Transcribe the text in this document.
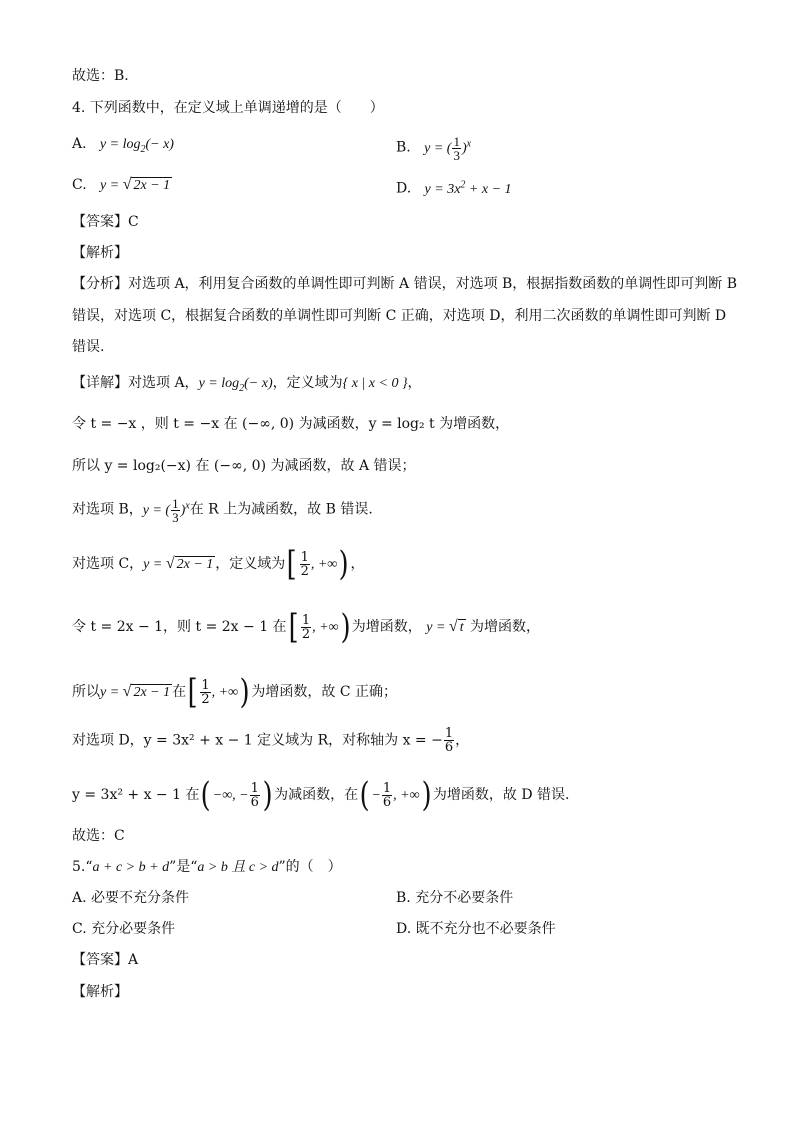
故选：B.
4. 下列函数中，在定义域上单调递增的是（　　）
A. $y = \log_2(- x)$	B. y = ( $\frac{1}{3} )^x$
C. y = √ 2x − 1	D. $y = 3x^2 + x - 1$
【答案】C
【解析】
【分析】对选项 A，利用复合函数的单调性即可判断 A 错误，对选项 B，根据指数函数的单调性即可判断 B
错误，对选项 C，根据复合函数的单调性即可判断 C 正确，对选项 D，利用二次函数的单调性即可判断 D
错误.
【详解】对选项 A，$y = \log_2(- x)$，定义域为{ x | x < 0 }，
令 t = −x ，则 t = −x 在 (−∞, 0) 为减函数，y = log₂ t 为增函数，
所以 y = log₂(−x) 在 (−∞, 0) 为减函数，故 A 错误；
对选项 B，y = ( $\frac{1}{3} )^x$在 R 上为减函数，故 B 错误.
对选项 C，y = √ 2x − 1 ，定义域为[ $\frac{1}{2}$ , +∞) ，
令 t = 2x − 1，则 t = 2x − 1 在[ $\frac{1}{2}$ , +∞) 为增函数， y = √ t 为增函数，
所以y = √ 2x − 1 在[ $\frac{1}{2}$ , +∞) 为增函数，故 C 正确；
对选项 D，y = 3x² + x − 1 定义域为 R，对称轴为 x = − $\frac{1}{6}$ ，
y = 3x² + x − 1 在( −∞, − $\frac{1}{6}$ ) 为减函数，在( − $\frac{1}{6}$ , +∞) 为增函数，故 D 错误.
故选：C
5.“a + c > b + d”是“a > b 且 c > d”的（　）
A. 必要不充分条件	B. 充分不必要条件
C. 充分必要条件	D. 既不充分也不必要条件
【答案】A
【解析】
